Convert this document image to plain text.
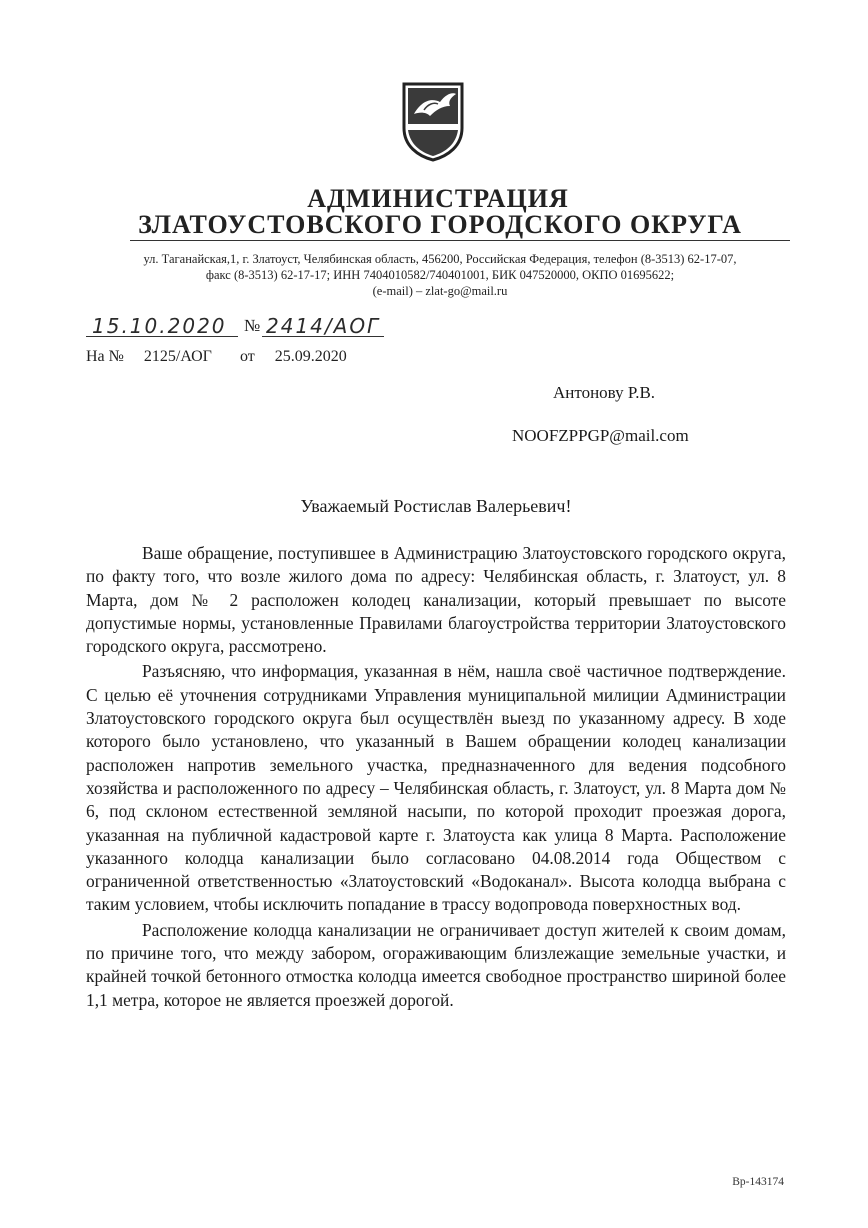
АДМИНИСТРАЦИЯ
ЗЛАТОУСТОВСКОГО ГОРОДСКОГО ОКРУГА
ул. Таганайская,1, г. Златоуст, Челябинская область, 456200, Российская Федерация, телефон (8-3513) 62-17-07,
факс (8-3513) 62-17-17; ИНН 7404010582/740401001, БИК 047520000, ОКПО 01695622;
(e-mail) – zlat-go@mail.ru
15.10.2020 № 2414/АОГ
На № 2125/АОГ от 25.09.2020
Антонову Р.В.
NOOFZPPGP@mail.com
Уважаемый Ростислав Валерьевич!

Ваше обращение, поступившее в Администрацию Златоустовского городского округа, по факту того, что возле жилого дома по адресу: Челябинская область, г. Златоуст, ул. 8 Марта, дом № 2 расположен колодец канализации, который превышает по высоте допустимые нормы, установленные Правилами благоустройства территории Златоустовского городского округа, рассмотрено.

Разъясняю, что информация, указанная в нём, нашла своё частичное подтверждение. С целью её уточнения сотрудниками Управления муниципальной милиции Администрации Златоустовского городского округа был осуществлён выезд по указанному адресу. В ходе которого было установлено, что указанный в Вашем обращении колодец канализации расположен напротив земельного участка, предназначенного для ведения подсобного хозяйства и расположенного по адресу – Челябинская область, г. Златоуст, ул. 8 Марта дом № 6, под склоном естественной земляной насыпи, по которой проходит проезжая дорога, указанная на публичной кадастровой карте г. Златоуста как улица 8 Марта. Расположение указанного колодца канализации было согласовано 04.08.2014 года Обществом с ограниченной ответственностью «Златоустовский «Водоканал». Высота колодца выбрана с таким условием, чтобы исключить попадание в трассу водопровода поверхностных вод.

Расположение колодца канализации не ограничивает доступ жителей к своим домам, по причине того, что между забором, огораживающим близлежащие земельные участки, и крайней точкой бетонного отмостка колодца имеется свободное пространство шириной более 1,1 метра, которое не является проезжей дорогой.

Вр-143174
